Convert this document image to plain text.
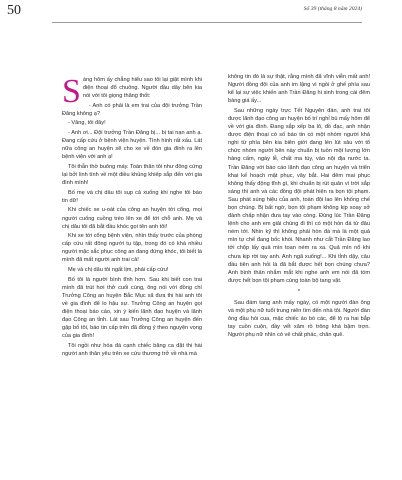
50	Số 39 (tháng 8 năm 2024)

Sáng hôm ấy chẳng hiểu sao tôi lại giật mình khi điện thoại đổ chuông. Người đầu dây bên kia nói với tôi giọng thăng thốt:

- Anh có phải là em trai của đội trưởng Trần Đăng không ạ?

- Vâng, tôi đây!

- Anh ơi... Đội trưởng Trần Đăng bị... bị tai nạn anh ạ. Đang cấp cứu ở bệnh viện huyện. Tình hình rất xấu. Lát nữa công an huyện sẽ cho xe về đón gia đình ra lên bệnh viện với anh ạ!

Tôi thẫn thờ buông máy. Toàn thân tôi như đông cứng lại bởi linh tính về một điều khủng khiếp sắp đến với gia đình mình!

Bố mẹ và chị dâu tôi sụp cả xuống khi nghe tôi báo tin dữ!

Khi chiếc xe u-oát của công an huyện tới cổng, mọi người cuống cuồng trèo lên xe để tới chỗ anh. Mẹ và chị dâu tôi đã bắt đầu khóc gọi tên anh tôi!

Khi xe tới cổng bệnh viện, nhìn thấy trước của phòng cấp cứu rất đông người tụ tập, trong đó có khá nhiều người mặc sắc phục công an đang đứng khóc, tôi biết là mình đã mất người anh trai cả!

Mẹ và chị dâu tôi ngất lịm, phải cấp cứu!

Bố tôi là người bình tĩnh hơn. Sau khi biết con trai mình đã trút hơi thở cuối cùng, ông nói với đồng chí Trưởng Công an huyện Bắc Mục xã đưa thi hài anh tôi về gia đình để lo hậu sự. Trưởng Công an huyện gọi điện thoại báo cáo, xin ý kiến lãnh đạo huyện và lãnh đạo Công an tỉnh. Lát sau Trưởng Công an huyện đến gặp bố tôi, báo tin cấp trên đã đồng ý theo nguyện vọng của gia đình!

Tôi ngồi như hóa đá cạnh chiếc băng ca đặt thi hài người anh thân yêu trên xe cứu thương trở về nhà mà

không tin đó là sự thật, rằng mình đã vĩnh viễn mất anh! Người đồng đội của anh im lặng vì ngồi ở ghế phía sau kể lại sự việc khiến anh Trần Đăng hi sinh trong cái đêm bàng giá ấy...

Sau những ngày trực Tết Nguyên đán, anh trai tôi được lãnh đạo công an huyện bố trí nghỉ bù mấy hôm để về với gia đình. Đang sắp xếp ba lô, đồ đạc, anh nhận được điện thoại có số báo tin có một nhóm người khả nghi từ phía bên kia biên giới đang lén lút sâu với tổ chức nhóm người bên này chuẩn bị tuồn một lượng lớn hàng cấm, ngày lễ, chất ma túy, vào nội địa nước ta. Trần Đăng với báo cáo lãnh đạo công an huyện và triển khai kế hoạch mật phục, vây bắt. Hai đêm mai phục không thấy động tĩnh gì, khi chuẩn bị rút quân vì trời sắp sáng thì anh và các đồng đội phát hiện ra bọn tội phạm. Sau phát súng hiệu của anh, toàn đội lao lên khống chế bọn chúng. Bị bất ngờ, bọn tội phạm không kịp xoay sở đành chấp nhận đưa tay vào còng. Đúng lúc Trần Đăng lệnh cho anh em giải chúng đi thì có một hòn đá từ đâu ném tới. Nhìn kỹ thì không phải hòn đá mà là một quả mìn tự chế đang bốc khói. Nhanh như cắt Trần Đăng lao tới chộp lấy quả mìn toan ném ra xa. Quả mìn nổ khi chưa kịp rời tay anh. Anh ngã xuống!... Khi tỉnh dậy, câu đầu tiên anh hỏi là đã bắt được hết bọn chúng chưa? Anh bình thản nhắm mắt khi nghe anh em nói đã tóm được hết bọn tội phạm cùng toàn bộ tang vật.

*

Sau đám tang anh mấy ngày, có một người đàn ông và một phụ nữ tuổi trung niên tìm đến nhà tôi. Người đàn ông đầu hói cua, mặc chiếc áo bò các, để lộ ra hai bắp tay cuồn cuộn, đầy vết xăm rồ trông khá bặm trợn. Người phụ nữ nhìn có vẻ chất phác, chân quê.
